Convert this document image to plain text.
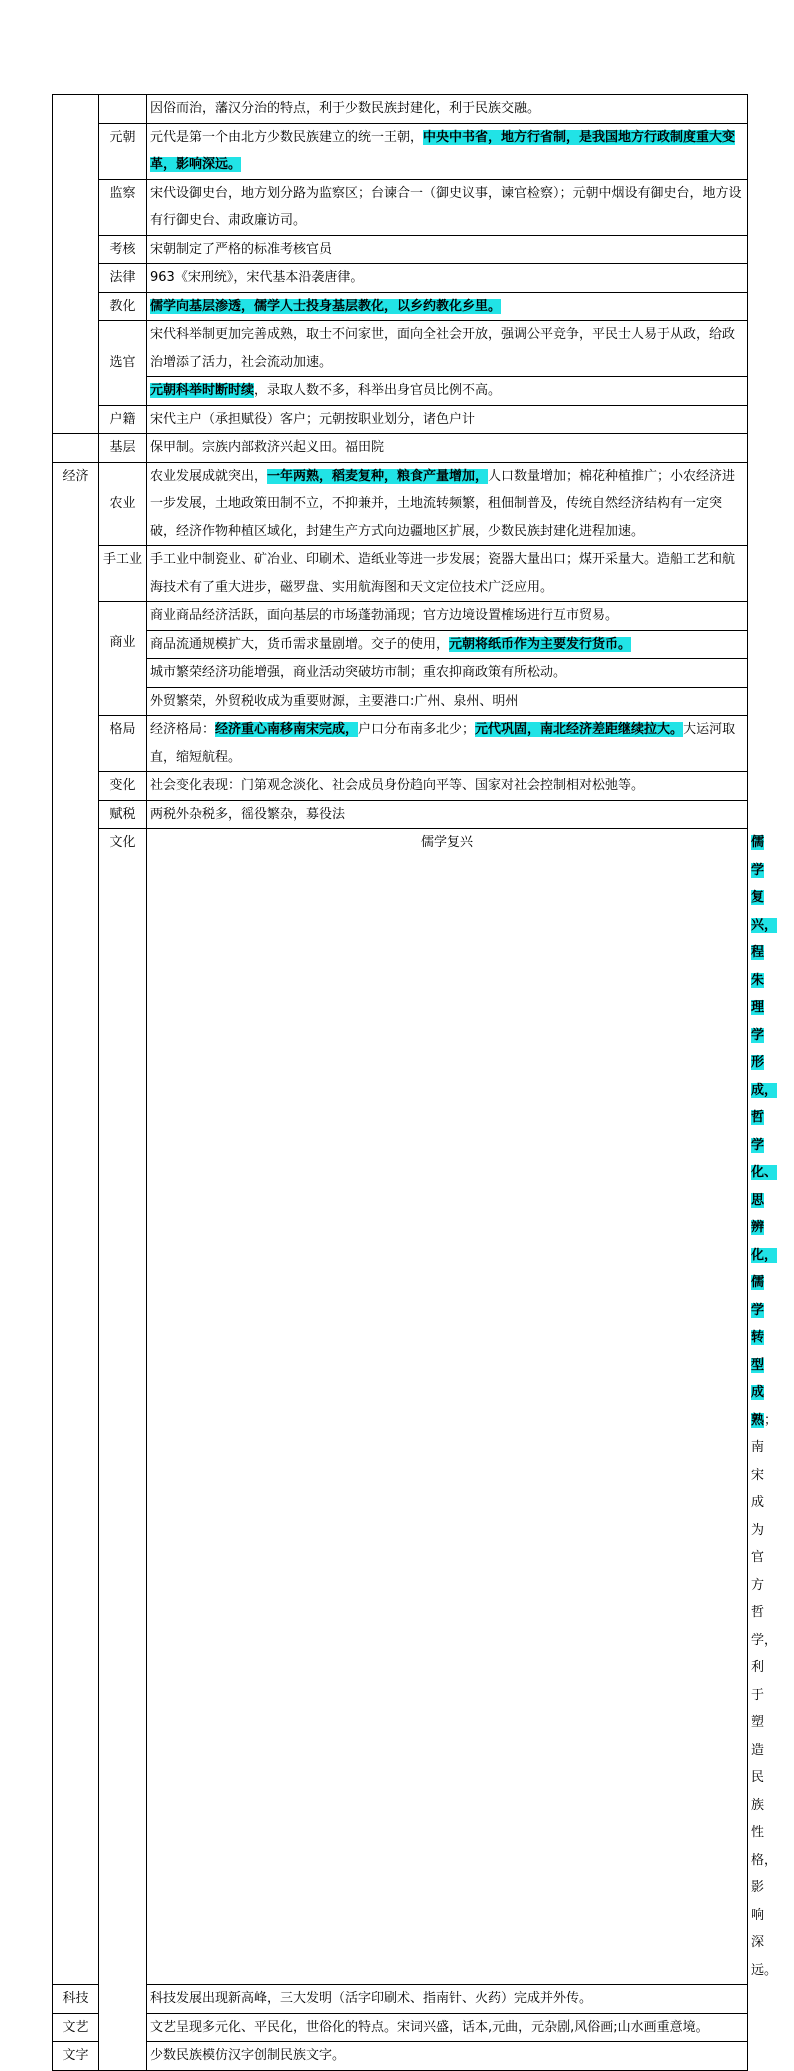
		因俗而治，藩汉分治的特点，利于少数民族封建化，利于民族交融。	
	元朝	元代是第一个由北方少数民族建立的统一王朝，中央中书省，地方行省制，是我国地方行政制度重大变革，影响深远。	
	监察	宋代设御史台，地方划分路为监察区；台谏合一（御史议事，谏官检察）；元朝中烟设有御史台，地方设有行御史台、肃政廉访司。	
	考核	宋朝制定了严格的标准考核官员	
	法律	963《宋刑统》，宋代基本沿袭唐律。	
	教化	儒学向基层渗透，儒学人士投身基层教化，以乡约教化乡里。	
	选官	宋代科举制更加完善成熟，取士不问家世，面向全社会开放，强调公平竞争，平民士人易于从政，给政治增添了活力，社会流动加速。
元朝科举时断时续，录取人数不多，科举出身官员比例不高。	

	户籍	宋代主户（承担赋役）客户；元朝按职业划分，诸色户计	
	基层	保甲制。宗族内部救济兴起义田。福田院	
经济	农业	农业发展成就突出，一年两熟，稻麦复种，粮食产量增加，人口数量增加；棉花种植推广；小农经济进一步发展，土地政策田制不立，不抑兼并，土地流转频繁，租佃制普及，传统自然经济结构有一定突破，经济作物种植区域化，封建生产方式向边疆地区扩展，少数民族封建化进程加速。	
	手工业	手工业中制瓷业、矿冶业、印刷术、造纸业等进一步发展；瓷器大量出口；煤开采量大。造船工艺和航海技术有了重大进步，磁罗盘、实用航海图和天文定位技术广泛应用。	
	商业	商业商品经济活跃，面向基层的市场蓬勃涌现；官方边境设置榷场进行互市贸易。
商品流通规模扩大，货币需求量剧增。交子的使用，元朝将纸币作为主要发行货币。
城市繁荣经济功能增强，商业活动突破坊市制；重农抑商政策有所松动。
外贸繁荣，外贸税收成为重要财源，主要港口:广州、泉州、明州	

	格局	经济格局：经济重心南移南宋完成，户口分布南多北少；元代巩固，南北经济差距继续拉大。大运河取直，缩短航程。	
	变化	社会变化表现：门第观念淡化、社会成员身份趋向平等、国家对社会控制相对松弛等。	
	赋税	两税外杂税多，徭役繁杂，募役法	
	文化	儒学复兴	儒学复兴，程朱理学形成，哲学化、思辨化，儒学转型成熟；南宋成为官方哲学，利于塑造民族性格，影响深远。
科技		科技发展出现新高峰，三大发明（活字印刷术、指南针、火药）完成并外传。	
文艺		文艺呈现多元化、平民化，世俗化的特点。宋词兴盛，话本,元曲，元杂剧,风俗画;山水画重意境。	
文字		少数民族模仿汉字创制民族文字。	
